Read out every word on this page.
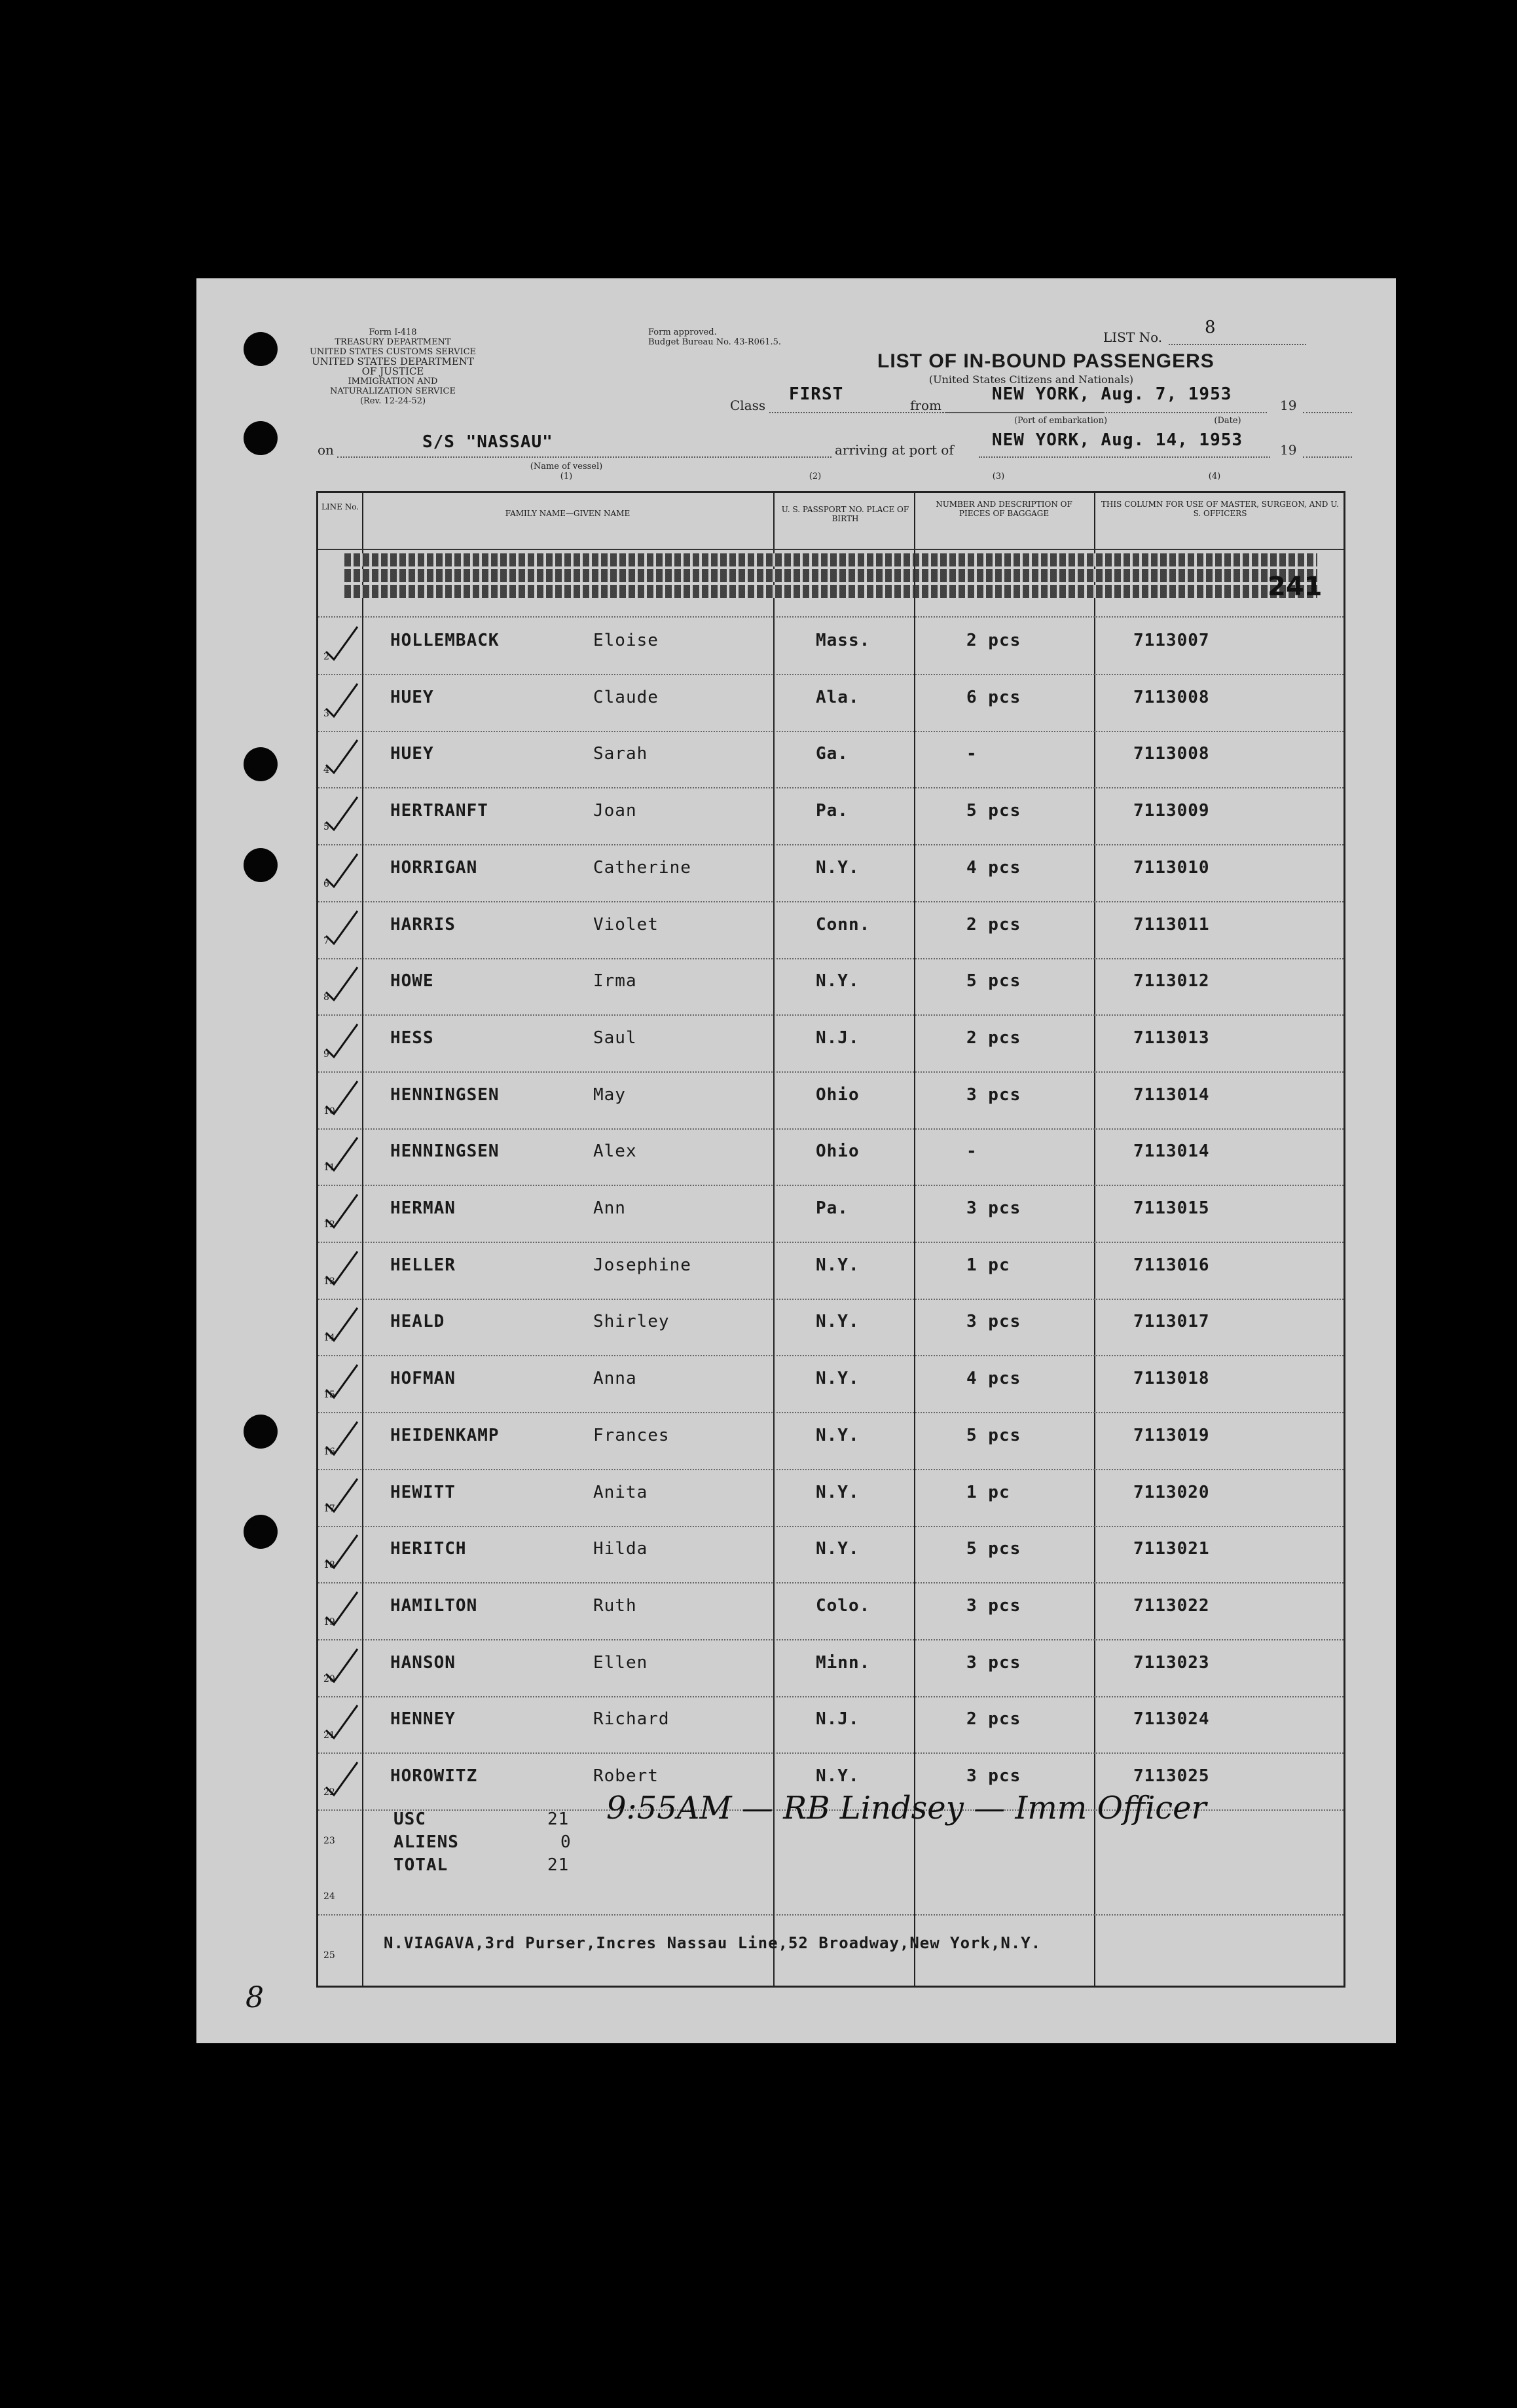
Form I-418
TREASURY DEPARTMENT
UNITED STATES CUSTOMS SERVICE
UNITED STATES DEPARTMENT OF JUSTICE
IMMIGRATION AND NATURALIZATION SERVICE
(Rev. 12-24-52)
Form approved.
Budget Bureau No. 43-R061.5.	LIST No. 8
LIST OF IN-BOUND PASSENGERS
(United States Citizens and Nationals)
Class
FIRST
from
NEW YORK, Aug. 7, 1953
19
(Port of embarkation)	(Date)
on	S/S "NASSAU"
(Name of vessel)
(1)
arriving at port of NEW YORK, Aug. 14, 1953	19
(2)	(3)	(4)
LINE No.
FAMILY NAME—GIVEN NAME	U. S. PASSPORT NO. PLACE OF BIRTH
NUMBER AND DESCRIPTION OF PIECES OF BAGGAGE
THIS COLUMN FOR USE OF MASTER, SURGEON, AND U. S. OFFICERS
241
2
HOLLEMBACK	Eloise	Mass.	2 pcs	7113007
3
HUEY	Claude	Ala.	6 pcs	7113008
4
HUEY	Sarah	Ga.	-	7113008
5
HERTRANFT	Joan	Pa.	5 pcs	7113009
6
HORRIGAN	Catherine	N.Y.	4 pcs	7113010
7
HARRIS	Violet	Conn.	2 pcs	7113011
8
HOWE	Irma	N.Y.	5 pcs	7113012
9
HESS	Saul	N.J.	2 pcs	7113013
10
HENNINGSEN	May	Ohio	3 pcs	7113014
11
HENNINGSEN	Alex	Ohio	-	7113014
12
HERMAN	Ann	Pa.	3 pcs	7113015
13
HELLER	Josephine	N.Y.	1 pc	7113016
14
HEALD	Shirley	N.Y.	3 pcs	7113017
15
HOFMAN	Anna	N.Y.	4 pcs	7113018
16
HEIDENKAMP	Frances	N.Y.	5 pcs	7113019
17
HEWITT	Anita	N.Y.	1 pc	7113020
18
HERITCH	Hilda	N.Y.	5 pcs	7113021
19
HAMILTON	Ruth	Colo.	3 pcs	7113022
20
HANSON	Ellen	Minn.	3 pcs	7113023
21
HENNEY	Richard	N.J.	2 pcs	7113024
22
HOROWITZ	Robert	N.Y.	3 pcs	7113025
23
24
25
USC	21
ALIENS	0
TOTAL	21
9:55AM — RB Lindsey — Imm Officer
N.VIAGAVA,3rd Purser,Incres Nassau Line,52 Broadway,New York,N.Y.
8
